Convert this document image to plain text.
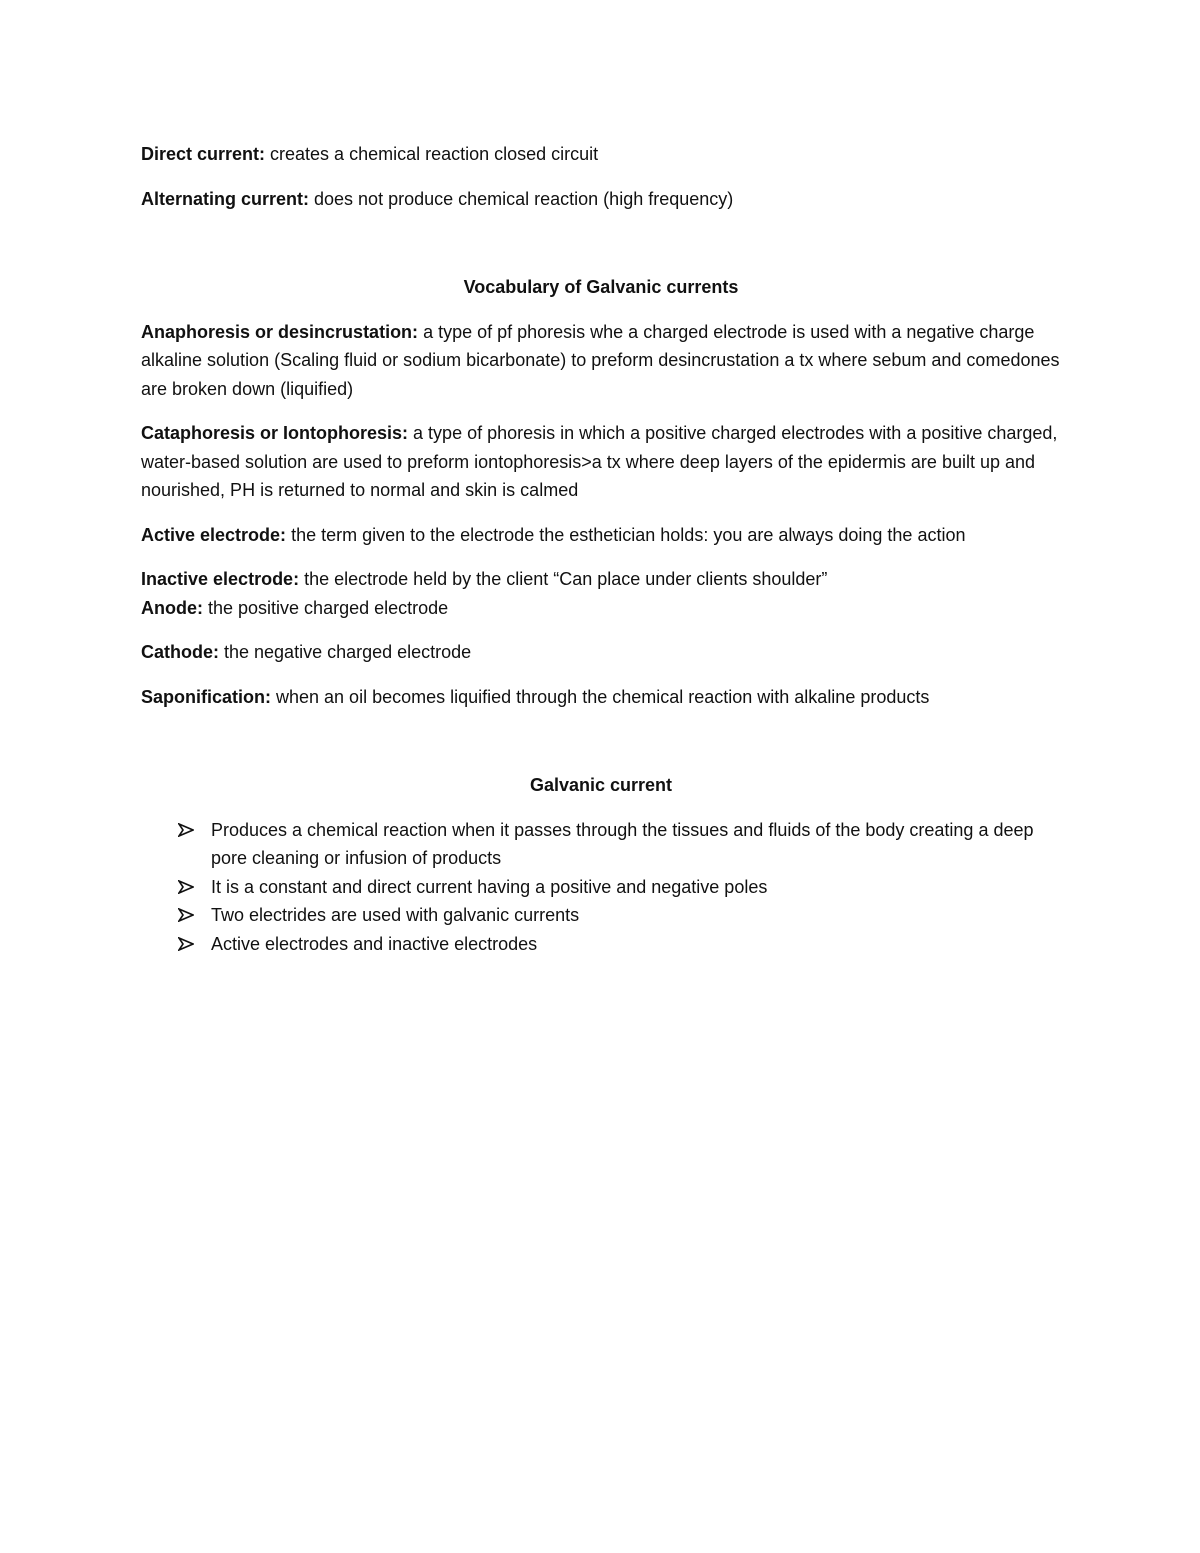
Direct current: creates a chemical reaction closed circuit

Alternating current: does not produce chemical reaction (high frequency)

Vocabulary of Galvanic currents

Anaphoresis or desincrustation: a type of pf phoresis whe a charged electrode is used with a negative charge alkaline solution (Scaling fluid or sodium bicarbonate) to preform desincrustation a tx where sebum and comedones are broken down (liquified)

Cataphoresis or Iontophoresis: a type of phoresis in which a positive charged electrodes with a positive charged, water-based solution are used to preform iontophoresis>a tx where deep layers of the epidermis are built up and nourished, PH is returned to normal and skin is calmed

Active electrode: the term given to the electrode the esthetician holds: you are always doing the action

Inactive electrode: the electrode held by the client “Can place under clients shoulder”

Anode: the positive charged electrode

Cathode: the negative charged electrode

Saponification: when an oil becomes liquified through the chemical reaction with alkaline products

Galvanic current

Produces a chemical reaction when it passes through the tissues and fluids of the body creating a deep pore cleaning or infusion of products
It is a constant and direct current having a positive and negative poles
Two electrides are used with galvanic currents
Active electrodes and inactive electrodes
